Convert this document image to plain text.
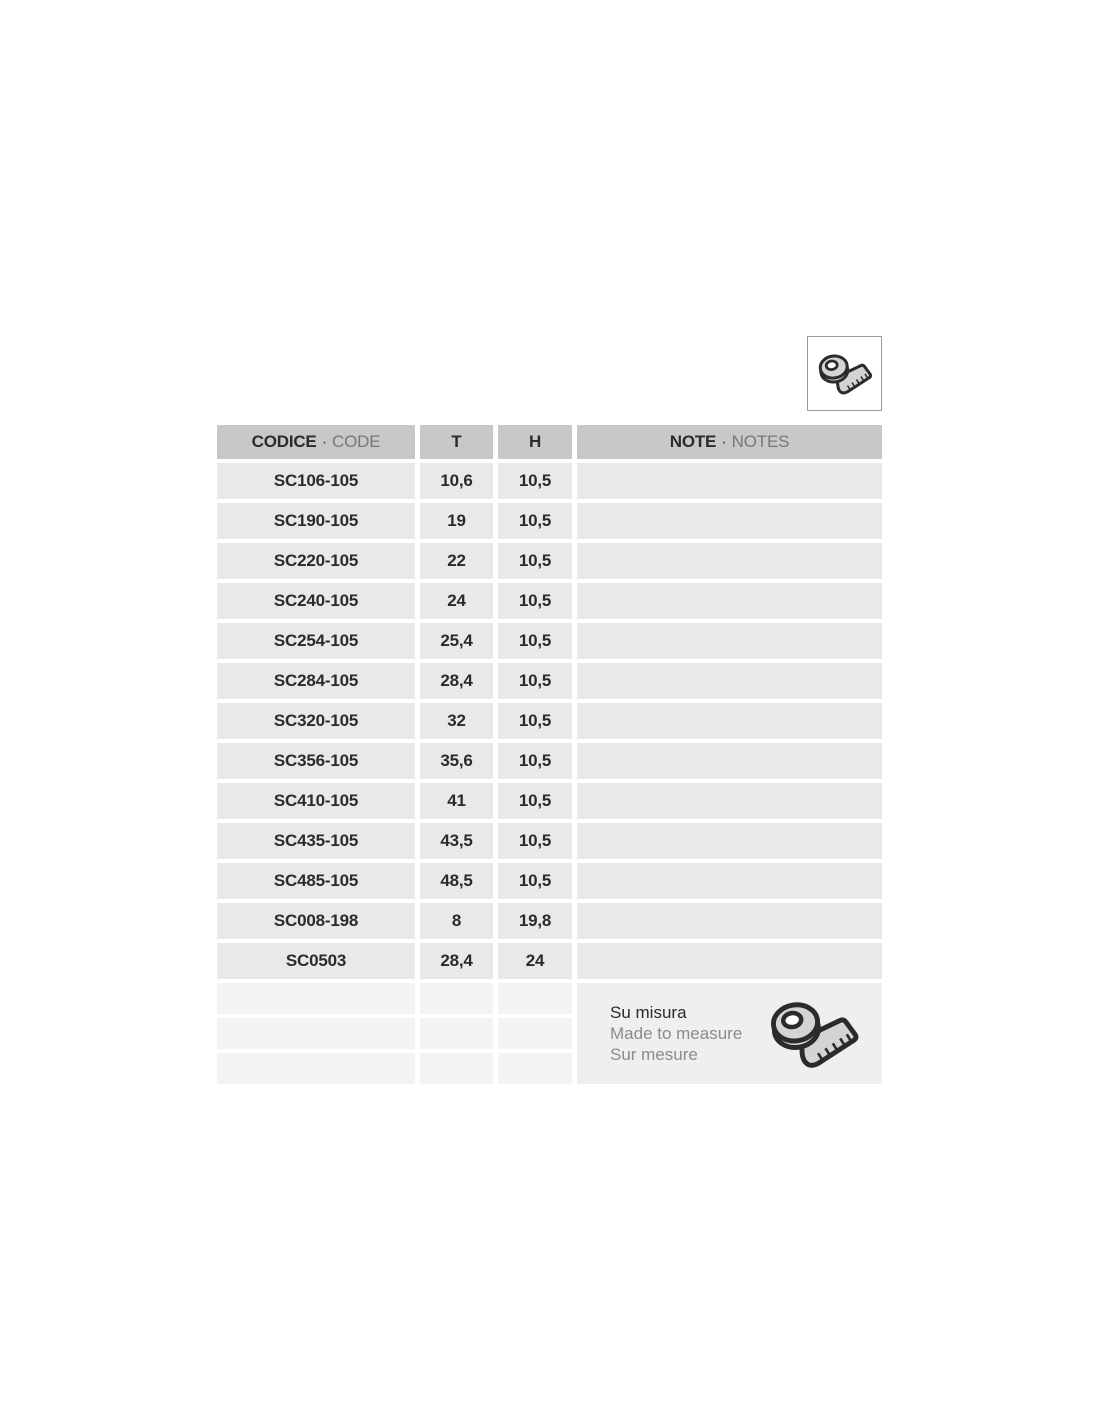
CODICE · CODE	T	H	NOTE · NOTES
SC106-105	10,6	10,5
SC190-105	19	10,5
SC220-105	22	10,5
SC240-105	24	10,5
SC254-105	25,4	10,5
SC284-105	28,4	10,5
SC320-105	32	10,5
SC356-105	35,6	10,5
SC410-105	41	10,5
SC435-105	43,5	10,5
SC485-105	48,5	10,5
SC008-198	8	19,8
SC0503	28,4	24
Su misura
Made to measure
Sur mesure
